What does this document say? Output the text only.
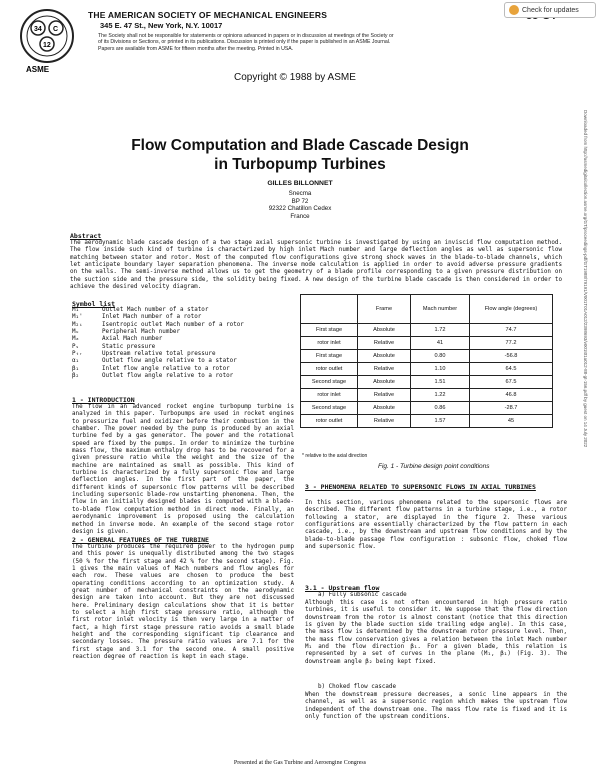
34 C
12
ASME
THE AMERICAN SOCIETY OF MECHANICAL ENGINEERS
345 E. 47 St., New York, N.Y. 10017
The Society shall not be responsible for statements or opinions advanced in papers or in discussion at meetings of the Society or of its Divisions or Sections, or printed in its publications. Discussion is printed only if the paper is published in an ASME Journal. Papers are available from ASME for fifteen months after the meeting. Printed in USA.
Check for updates
Copyright © 1988 by ASME
Flow Computation and Blade Cascade Design
in Turbopump Turbines
GILLES BILLONNET
Snecma
BP 72
92322 Chatillon Cedex
France
Abstract
The aerodynamic blade cascade design of a two stage axial supersonic turbine is investigated by using an inviscid flow computation method. The flow inside such kind of turbine is characterized by high inlet Mach number and large deflection angles as well as supersonic flow matching between stator and rotor. Most of the computed flow configurations give strong shock waves in the blade-to-blade channels, which let anticipate boundary layer separation phenomena. The inverse mode calculation is applied in order to avoid adverse pressure gradients on the walls. The semi-inverse method allows us to get the geometry of a blade profile corresponding to a given pressure distribution on the suction side and the pressure side, the solidity being fixed. A new design of the turbine blade cascade is then considered in order to achieve the desired velocity diagram.
Symbol list
M₁	Outlet Mach number of a stator
M₁'	Inlet Mach number of a rotor
M₂ᵢ	Isentropic outlet Mach number of a rotor
Mᵤ	Peripheral Mach number
Mₐ	Axial Mach number
Pₛ	Static pressure
Pₜᵣ	Upstream relative total pressure
α₁	Outlet flow angle relative to a stator
β₁	Inlet flow angle relative to a rotor
β₂	Outlet flow angle relative to a rotor
1 - INTRODUCTION
The flow in an advanced rocket engine turbopump turbine is analyzed in this paper. Turbopumps are used in rocket engines to pressurize fuel and oxidizer before their combustion in the chamber. The power needed by the pump is produced by an axial turbine fed by a gas generator. The power and the rotational speed are fixed by the pumps. In order to minimize the turbine mass flow, the maximum enthalpy drop has to be recovered for a given pressure ratio while the weight and the size of the machine are maintained as small as possible. This kind of turbine is characterized by a fully supersonic flow and large deflection angles. In the first part of the paper, the different kinds of supersonic flow patterns will be described including supersonic blade-row unstarting phenomena. Then, the flow in an initially designed blades is computed with a blade-to-blade flow computation method in direct mode. Finally, an aerodynamic improvement is proposed using the calculation method in inverse mode. An example of the second stage rotor design is given.
2 - GENERAL FEATURES OF THE TURBINE
The turbine produces the required power to the hydrogen pump and this power is unequally distributed among the two stages (50 % for the first stage and 42 % for the second stage). Fig. 1 gives the main values of Mach numbers and flow angles for each row. These values are chosen to produce the best operating conditions according to an optimization study. A great number of mechanical constraints on the aerodynamic design are taken into account. But they are not discussed here. Preliminary design calculations show that it is better to select a high first stage pressure ratio, although the first rotor inlet velocity is then very large in a matter of fact, a high first stage pressure ratio avoids a small blade height and the corresponding significant tip clearance and secondary losses. The pressure ratio values are 7.1 for the first stage and 3.1 for the second one. A small positive reaction degree of reaction is kept in each stage.
	Frame	Mach number	Flow angle (degrees)
First stage	Absolute	1.72	74.7
rotor inlet	Relative	41	77.2
First stage	Absolute	0.80	-56.8
rotor outlet	Relative	1.10	64.5
Second stage	Absolute	1.51	67.5
rotor inlet	Relative	1.22	46.8
Second stage	Absolute	0.86	-28.7
rotor outlet	Relative	1.57	45
* relative to the axial direction
Fig. 1 - Turbine design point conditions
3 - PHENOMENA RELATED TO SUPERSONIC FLOWS IN AXIAL TURBINES
In this section, various phenomena related to the supersonic flows are described. The different flow patterns in a turbine stage, i.e., a rotor following a stator, are displayed in the figure 2. These various configurations are essentially characterized by the flow pattern in each cascade, i.e., by the downstream and upstream flow conditions and by the blade-to-blade passage flow configuration : subsonic flow, choked flow and supersonic flow.
3.1 - Upstream flow
a) Fully subsonic cascade
Although this case is not often encountered in high pressure ratio turbines, it is useful to consider it. We suppose that the flow direction downstream from the rotor is almost constant (notice that this direction is given by the blade suction side trailing edge angle). In this case, the mass flow is determined by the downstream rotor pressure level. Then, the mass flow conservation gives a relation between the inlet Mach number M₁ and the flow direction β₁. For a given blade, this relation is represented by a set of curves in the plane (M₁, β₁) (Fig. 3). The downstream angle β₂ being kept fixed.
b) Choked flow cascade
When the downstream pressure decreases, a sonic line appears in the channel, as well as a supersonic region which makes the upstream flow independent of the downstream one. The mass flow rate is fixed and it is only function of the upstream conditions.
Presented at the Gas Turbine and Aeroengine Congress
Downloaded from http://asmedigitalcollection.asme.org/GT/proceedings-pdf/GT1988/79191/V001T01A012/2398693/v001t01a012-88-gt-156.pdf by guest on 14 July 2022
